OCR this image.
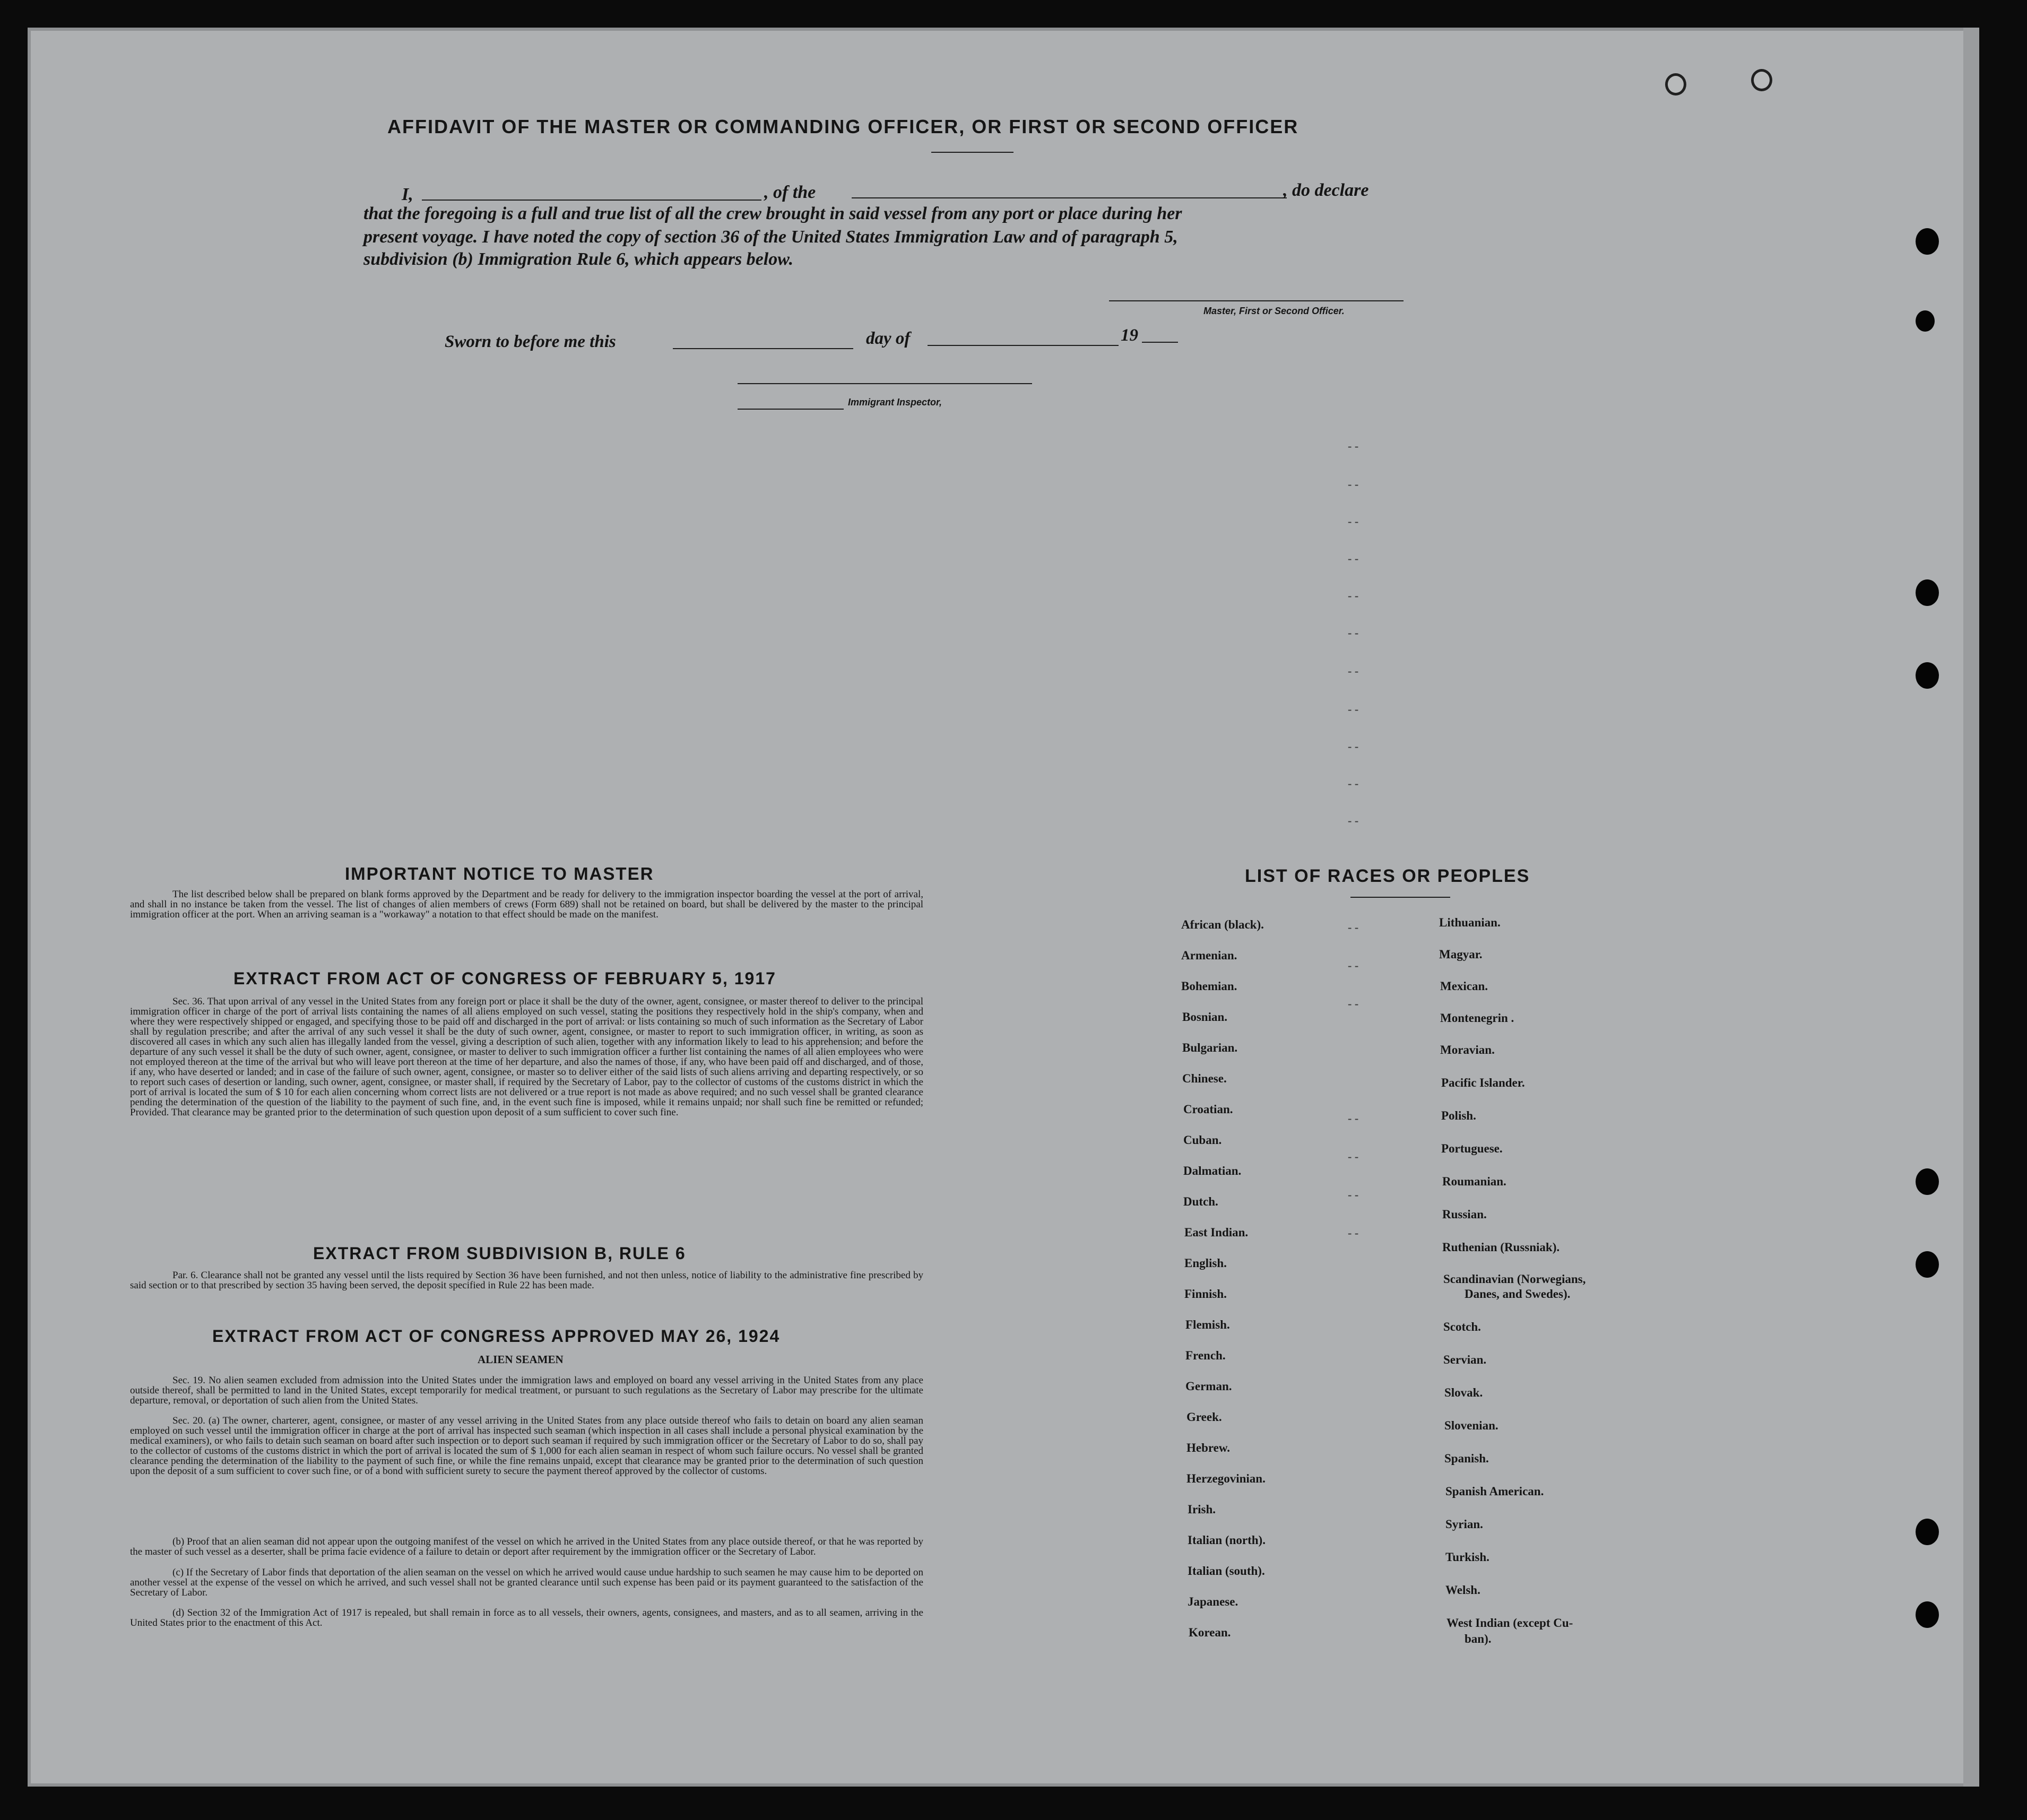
AFFIDAVIT OF THE MASTER OR COMMANDING OFFICER, OR FIRST OR SECOND OFFICER
I,	, of the	, do declare
that the foregoing is a full and true list of all the crew brought in said vessel from any port or place during her
present voyage. I have noted the copy of section 36 of the United States Immigration Law and of paragraph 5,
subdivision (b) Immigration Rule 6, which appears below.
Master, First or Second Officer.
Sworn to before me this	day of	19
Immigrant Inspector,
- -
- -
- -
- -
- -
- -
- -
- -
- -
- -
- -
IMPORTANT NOTICE TO MASTER
The list described below shall be prepared on blank forms approved by the Department and be ready for delivery to the immigration inspector boarding the vessel at the port of arrival, and shall in no instance be taken from the vessel. The list of changes of alien members of crews (Form 689) shall not be retained on board, but shall be delivered by the master to the principal immigration officer at the port. When an arriving seaman is a "workaway" a notation to that effect should be made on the manifest.
EXTRACT FROM ACT OF CONGRESS OF FEBRUARY 5, 1917
Sec. 36. That upon arrival of any vessel in the United States from any foreign port or place it shall be the duty of the owner, agent, consignee, or master thereof to deliver to the principal immigration officer in charge of the port of arrival lists containing the names of all aliens employed on such vessel, stating the positions they respectively hold in the ship's company, when and where they were respectively shipped or engaged, and specifying those to be paid off and discharged in the port of arrival: or lists containing so much of such information as the Secretary of Labor shall by regulation prescribe; and after the arrival of any such vessel it shall be the duty of such owner, agent, consignee, or master to report to such immigration officer, in writing, as soon as discovered all cases in which any such alien has illegally landed from the vessel, giving a description of such alien, together with any information likely to lead to his apprehension; and before the departure of any such vessel it shall be the duty of such owner, agent, consignee, or master to deliver to such immigration officer a further list containing the names of all alien employees who were not employed thereon at the time of the arrival but who will leave port thereon at the time of her departure, and also the names of those, if any, who have been paid off and discharged, and of those, if any, who have deserted or landed; and in case of the failure of such owner, agent, consignee, or master so to deliver either of the said lists of such aliens arriving and departing respectively, or so to report such cases of desertion or landing, such owner, agent, consignee, or master shall, if required by the Secretary of Labor, pay to the collector of customs of the customs district in which the port of arrival is located the sum of $ 10 for each alien concerning whom correct lists are not delivered or a true report is not made as above required; and no such vessel shall be granted clearance pending the determination of the question of the liability to the payment of such fine, and, in the event such fine is imposed, while it remains unpaid; nor shall such fine be remitted or refunded; Provided. That clearance may be granted prior to the determination of such question upon deposit of a sum sufficient to cover such fine.
EXTRACT FROM SUBDIVISION B, RULE 6
Par. 6. Clearance shall not be granted any vessel until the lists required by Section 36 have been furnished, and not then unless, notice of liability to the administrative fine prescribed by said section or to that prescribed by section 35 having been served, the deposit specified in Rule 22 has been made.
EXTRACT FROM ACT OF CONGRESS APPROVED MAY 26, 1924
ALIEN SEAMEN
Sec. 19. No alien seamen excluded from admission into the United States under the immigration laws and employed on board any vessel arriving in the United States from any place outside thereof, shall be permitted to land in the United States, except temporarily for medical treatment, or pursuant to such regulations as the Secretary of Labor may prescribe for the ultimate departure, removal, or deportation of such alien from the United States.
Sec. 20. (a) The owner, charterer, agent, consignee, or master of any vessel arriving in the United States from any place outside thereof who fails to detain on board any alien seaman employed on such vessel until the immigration officer in charge at the port of arrival has inspected such seaman (which inspection in all cases shall include a personal physical examination by the medical examiners), or who fails to detain such seaman on board after such inspection or to deport such seaman if required by such immigration officer or the Secretary of Labor to do so, shall pay to the collector of customs of the customs district in which the port of arrival is located the sum of $ 1,000 for each alien seaman in respect of whom such failure occurs. No vessel shall be granted clearance pending the determination of the liability to the payment of such fine, or while the fine remains unpaid, except that clearance may be granted prior to the determination of such question upon the deposit of a sum sufficient to cover such fine, or of a bond with sufficient surety to secure the payment thereof approved by the collector of customs.
(b) Proof that an alien seaman did not appear upon the outgoing manifest of the vessel on which he arrived in the United States from any place outside thereof, or that he was reported by the master of such vessel as a deserter, shall be prima facie evidence of a failure to detain or deport after requirement by the immigration officer or the Secretary of Labor.
(c) If the Secretary of Labor finds that deportation of the alien seaman on the vessel on which he arrived would cause undue hardship to such seamen he may cause him to be deported on another vessel at the expense of the vessel on which he arrived, and such vessel shall not be granted clearance until such expense has been paid or its payment guaranteed to the satisfaction of the Secretary of Labor.
(d) Section 32 of the Immigration Act of 1917 is repealed, but shall remain in force as to all vessels, their owners, agents, consignees, and masters, and as to all seamen, arriving in the United States prior to the enactment of this Act.
LIST OF RACES OR PEOPLES
African (black).
Armenian.
Bohemian.
Bosnian.
Bulgarian.
Chinese.
Croatian.
Cuban.
Dalmatian.
Dutch.
East Indian.
English.
Finnish.
Flemish.
French.
German.
Greek.
Hebrew.
Herzegovinian.
Irish.
Italian (north).
Italian (south).
Japanese.
Korean.
Lithuanian.
Magyar.
Mexican.
Montenegrin .
Moravian.
Pacific Islander.
Polish.
Portuguese.
Roumanian.
Russian.
Ruthenian (Russniak).
Scandinavian (Norwegians,
Danes, and Swedes).
Scotch.
Servian.
Slovak.
Slovenian.
Spanish.
Spanish American.
Syrian.
Turkish.
Welsh.
West Indian (except Cu-
ban).
- -
- -
- -
- -
- -
- -
- -
